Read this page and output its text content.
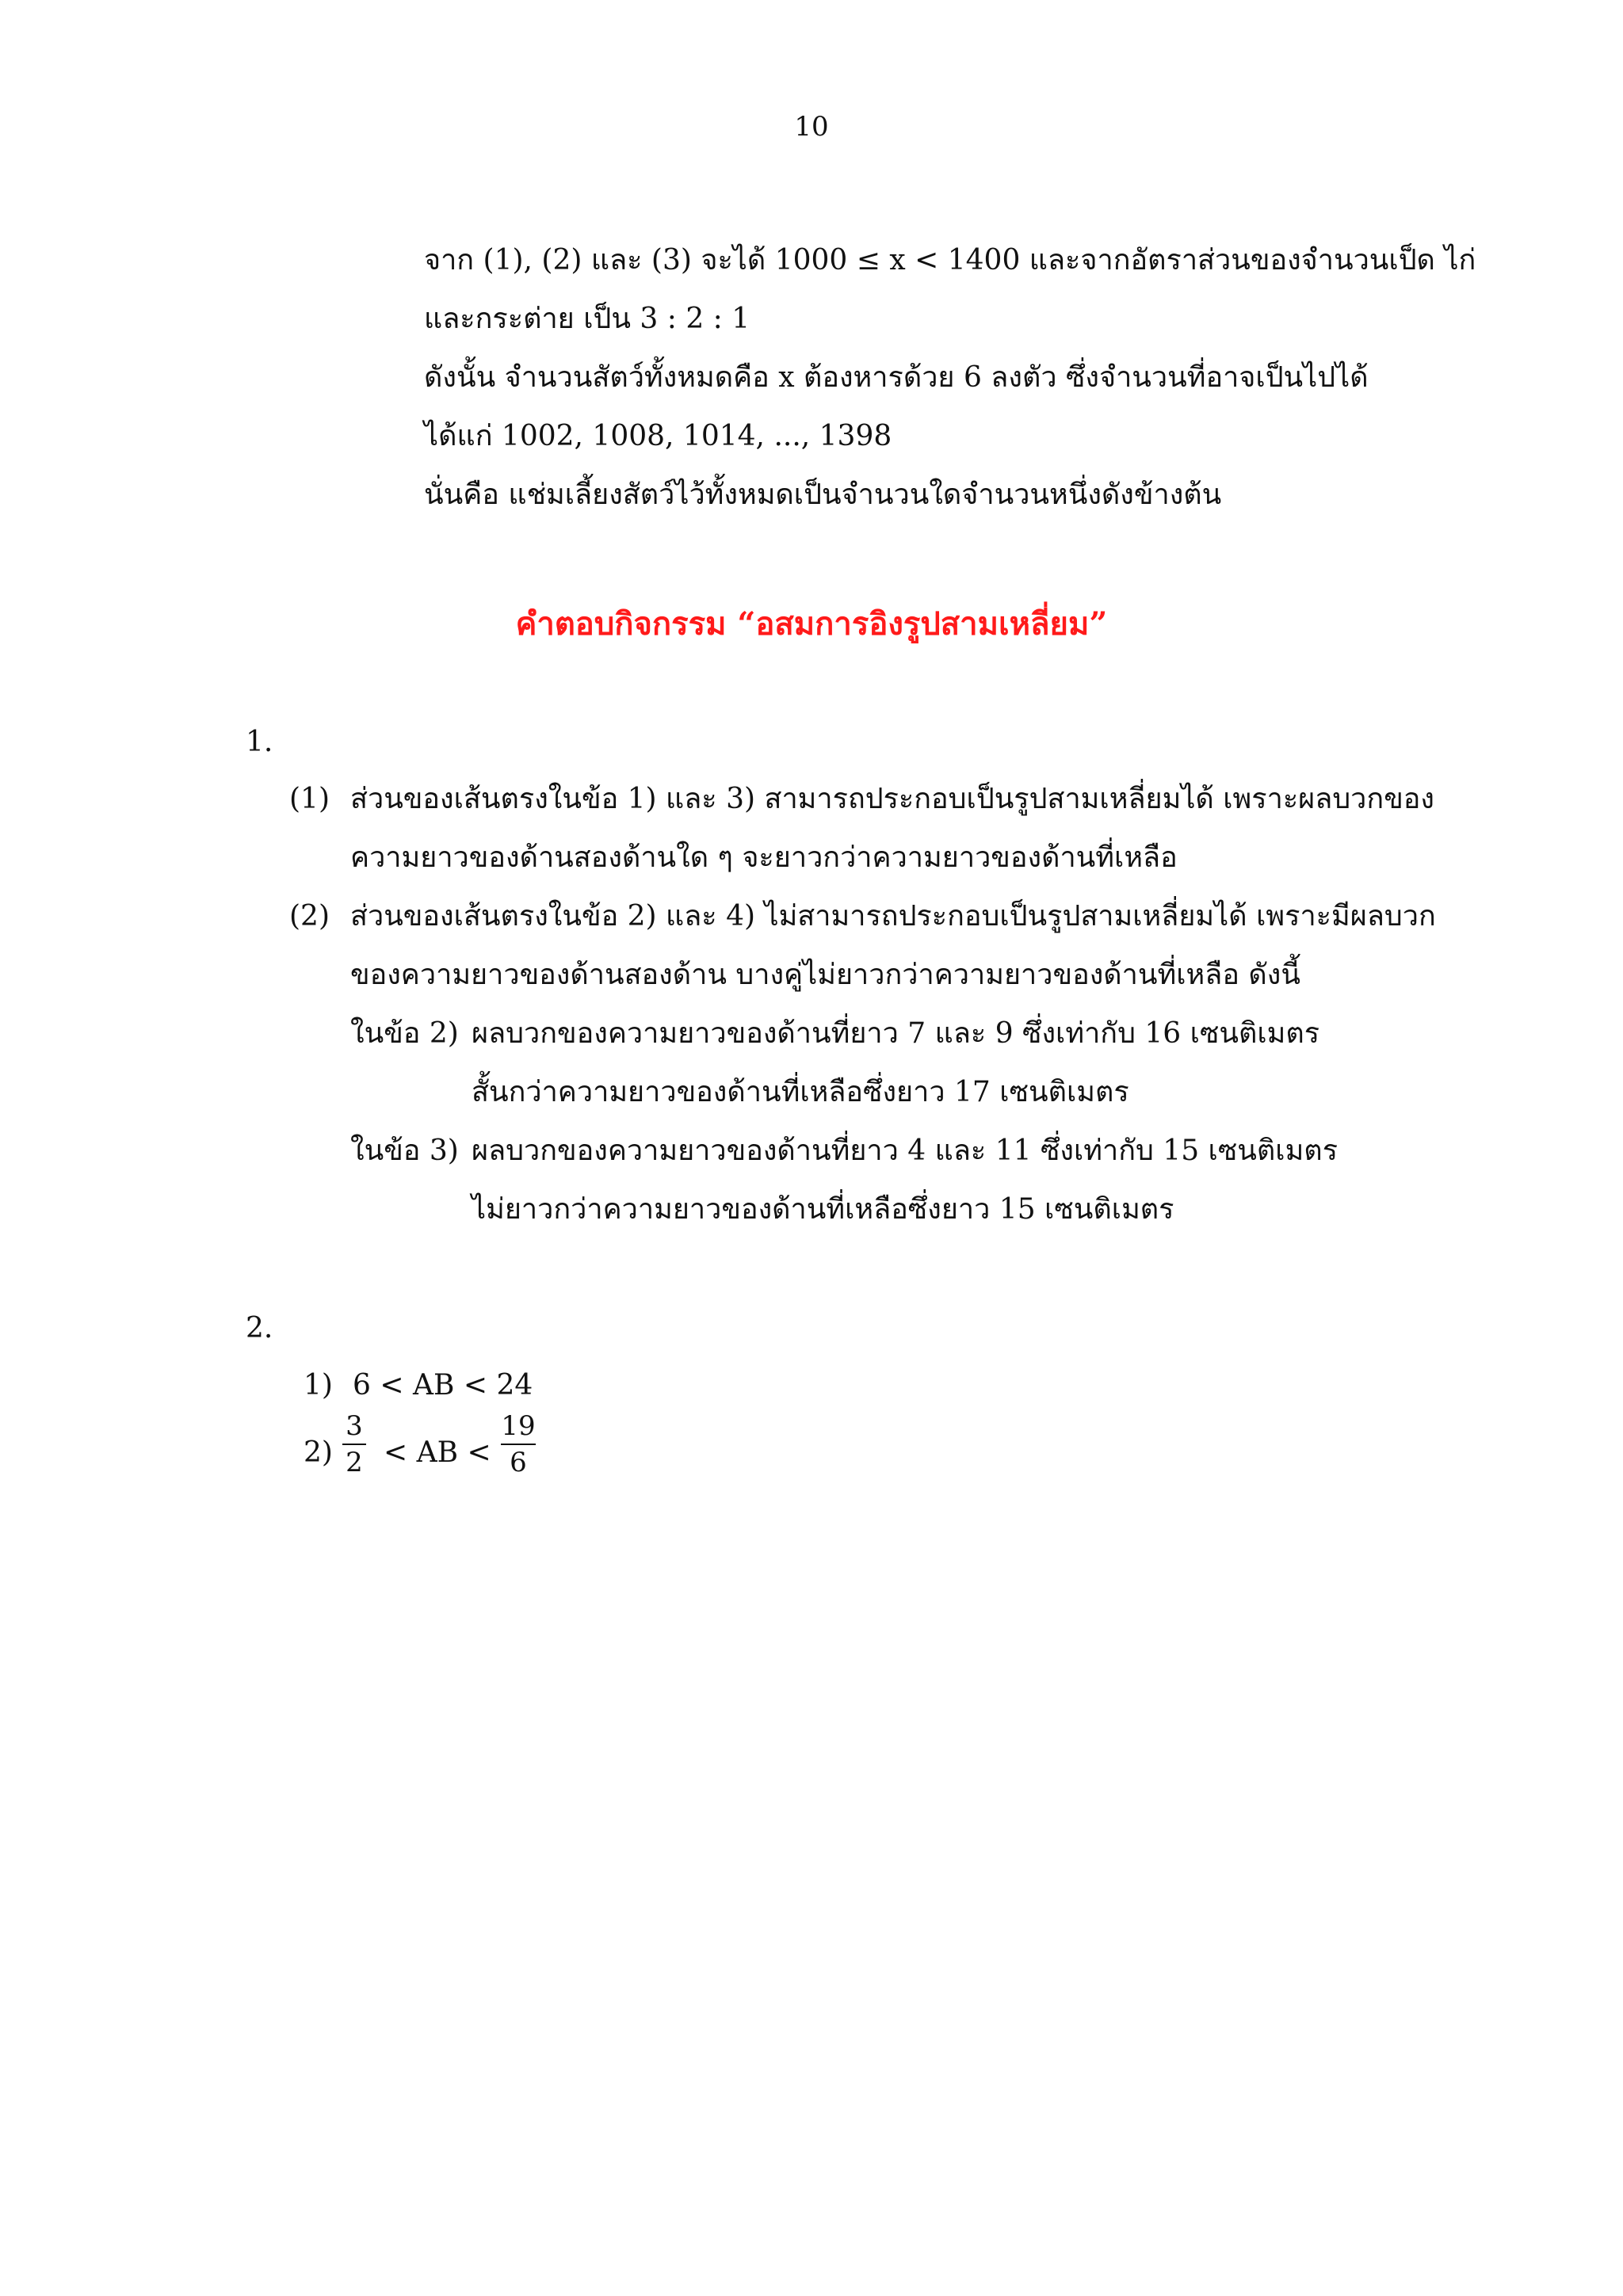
10
จาก (1), (2) และ (3) จะได้ 1000 ≤ x < 1400 และจากอัตราส่วนของจำนวนเป็ด ไก่
และกระต่าย เป็น 3 : 2 : 1
ดังนั้น จำนวนสัตว์ทั้งหมดคือ x ต้องหารด้วย 6 ลงตัว ซึ่งจำนวนที่อาจเป็นไปได้
ได้แก่ 1002, 1008, 1014, ..., 1398
นั่นคือ แช่มเลี้ยงสัตว์ไว้ทั้งหมดเป็นจำนวนใดจำนวนหนึ่งดังข้างต้น
คำตอบกิจกรรม “อสมการอิงรูปสามเหลี่ยม”
1.
(1) ส่วนของเส้นตรงในข้อ 1) และ 3) สามารถประกอบเป็นรูปสามเหลี่ยมได้ เพราะผลบวกของ
ความยาวของด้านสองด้านใด ๆ จะยาวกว่าความยาวของด้านที่เหลือ
(2) ส่วนของเส้นตรงในข้อ 2) และ 4) ไม่สามารถประกอบเป็นรูปสามเหลี่ยมได้ เพราะมีผลบวก
ของความยาวของด้านสองด้าน บางคู่ไม่ยาวกว่าความยาวของด้านที่เหลือ ดังนี้
ในข้อ 2) ผลบวกของความยาวของด้านที่ยาว 7 และ 9 ซึ่งเท่ากับ 16 เซนติเมตร
สั้นกว่าความยาวของด้านที่เหลือซึ่งยาว 17 เซนติเมตร
ในข้อ 3) ผลบวกของความยาวของด้านที่ยาว 4 และ 11 ซึ่งเท่ากับ 15 เซนติเมตร
ไม่ยาวกว่าความยาวของด้านที่เหลือซึ่งยาว 15 เซนติเมตร
2.
1) 6 < AB < 24
2)
3
2 < AB <
19
6
